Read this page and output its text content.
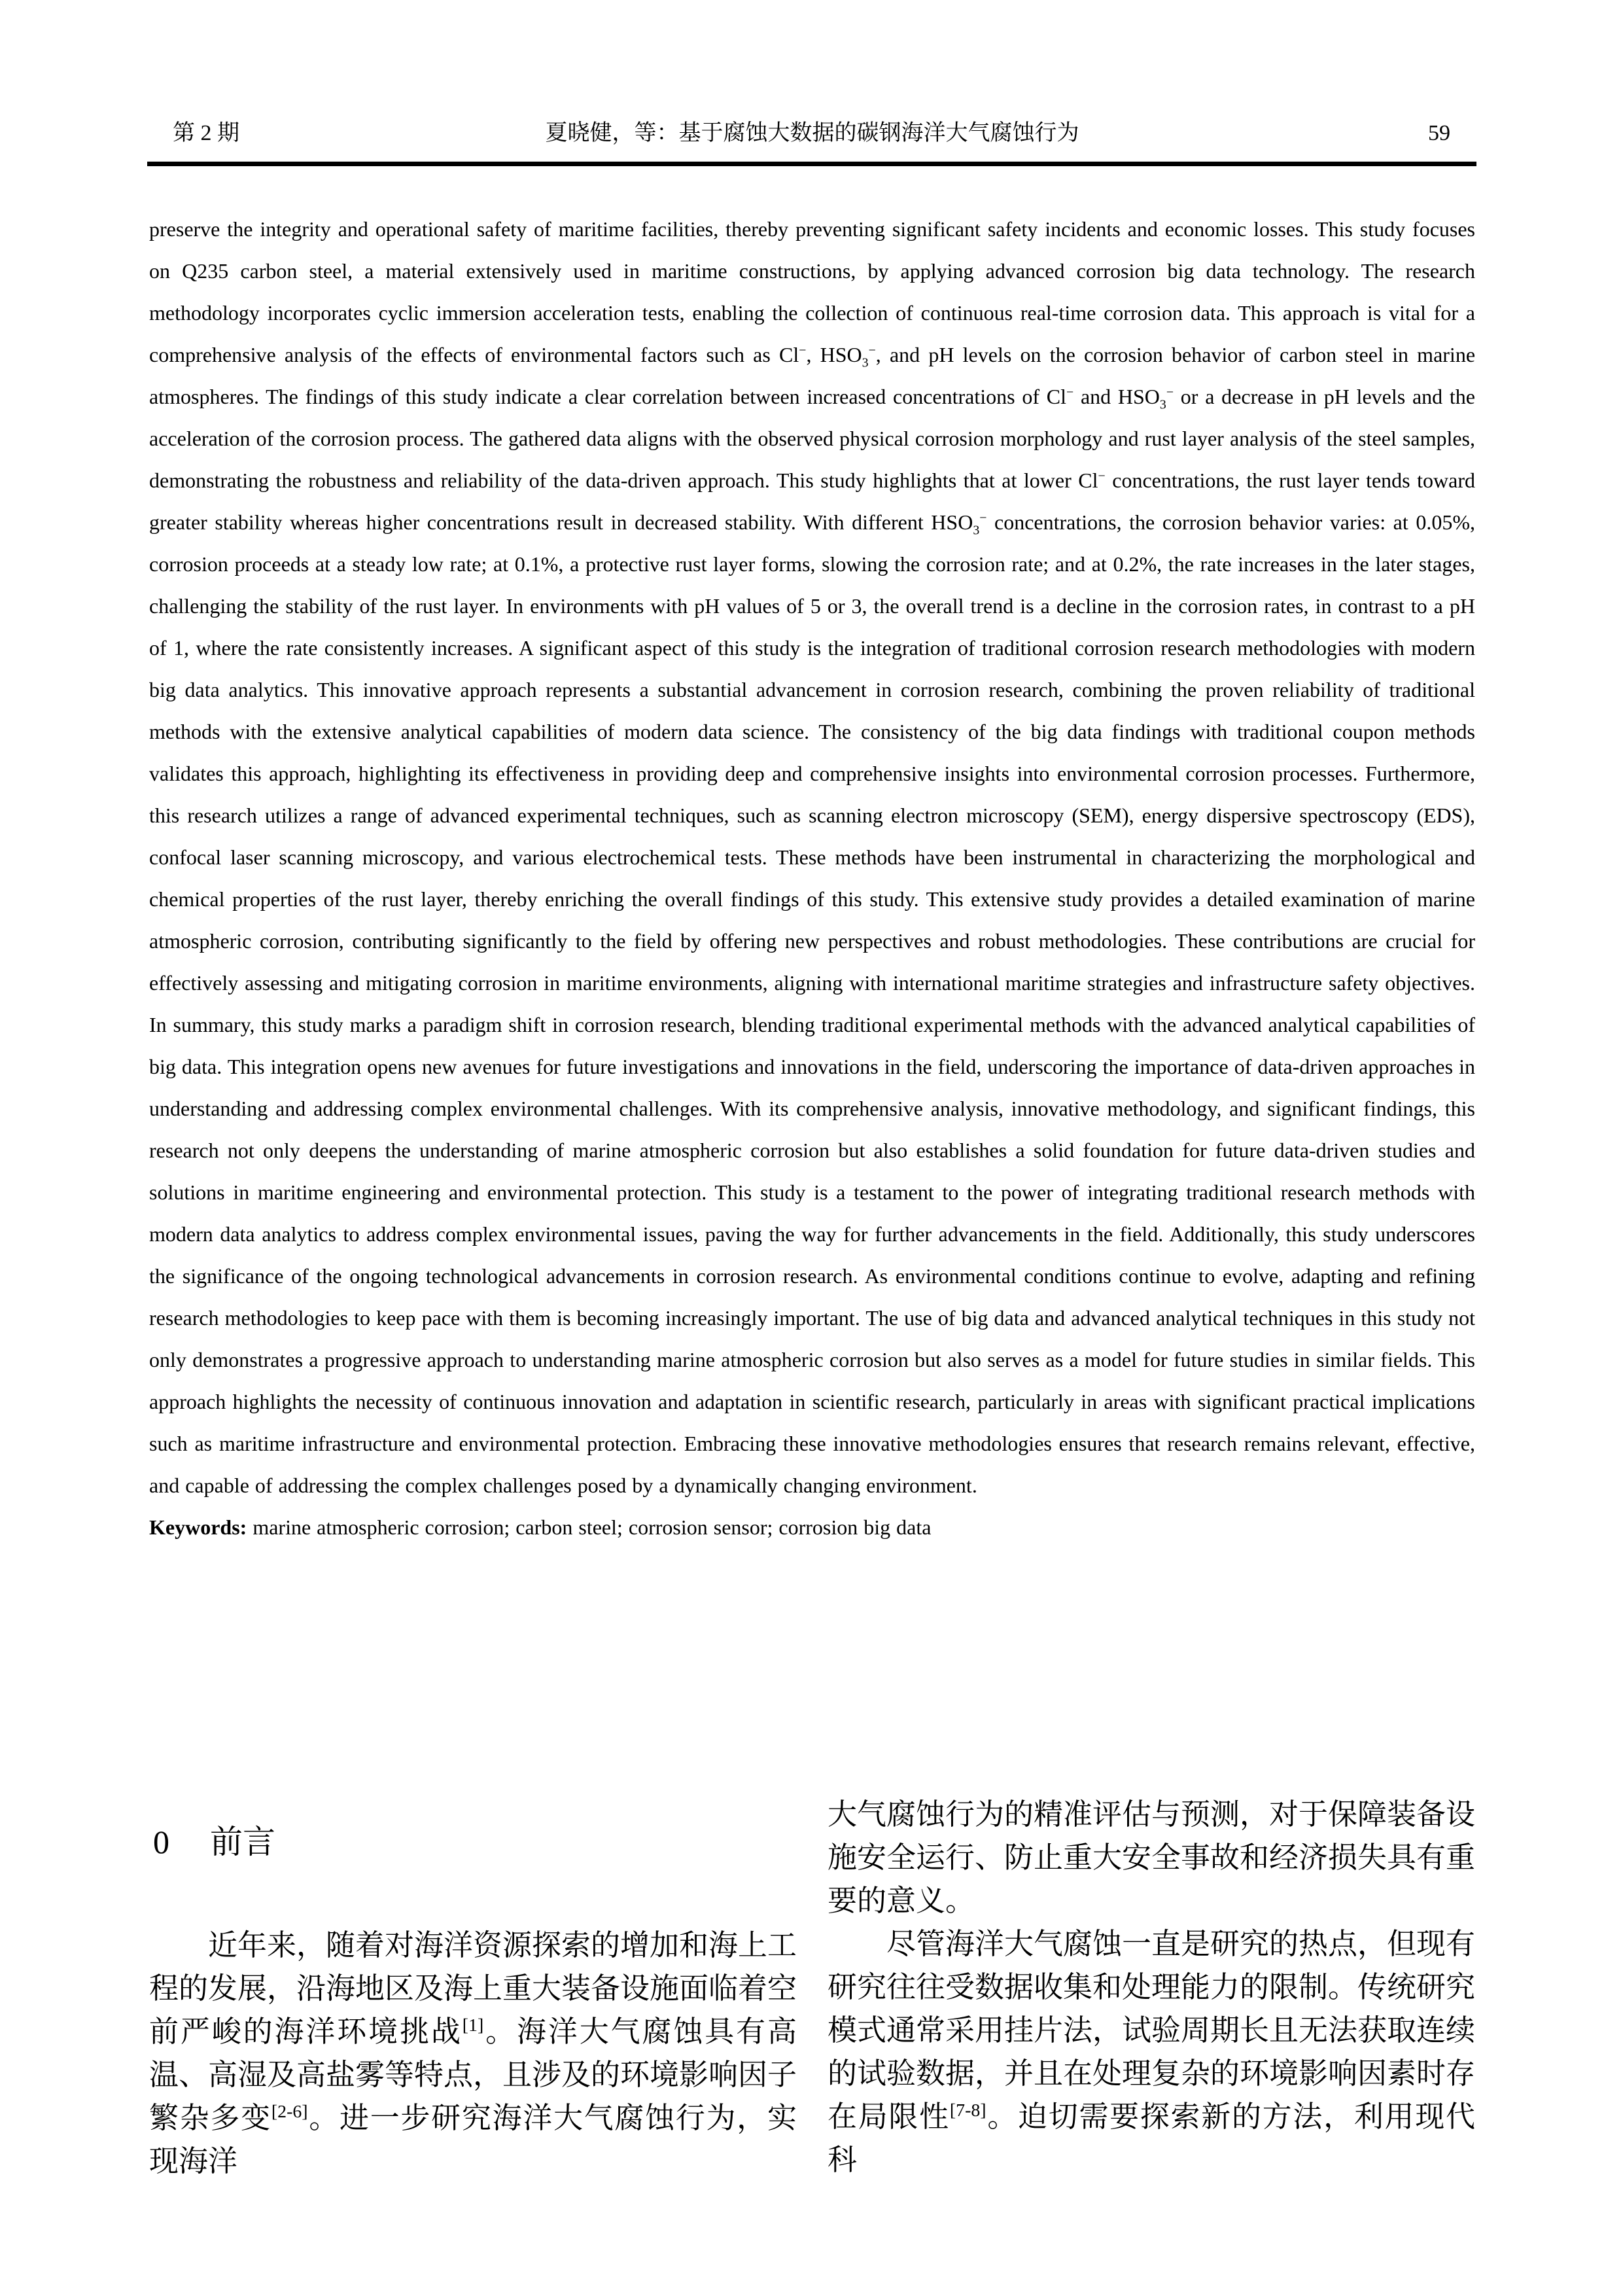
第 2 期	夏晓健，等：基于腐蚀大数据的碳钢海洋大气腐蚀行为	59

preserve the integrity and operational safety of maritime facilities, thereby preventing significant safety incidents and economic losses. This study focuses on Q235 carbon steel, a material extensively used in maritime constructions, by applying advanced corrosion big data technology. The research methodology incorporates cyclic immersion acceleration tests, enabling the collection of continuous real-time corrosion data. This approach is vital for a comprehensive analysis of the effects of environmental factors such as Cl−, $HSO_3^-$, and pH levels on the corrosion behavior of carbon steel in marine atmospheres. The findings of this study indicate a clear correlation between increased concentrations of Cl− and $HSO_3^-$ or a decrease in pH levels and the acceleration of the corrosion process. The gathered data aligns with the observed physical corrosion morphology and rust layer analysis of the steel samples, demonstrating the robustness and reliability of the data-driven approach. This study highlights that at lower Cl− concentrations, the rust layer tends toward greater stability whereas higher concentrations result in decreased stability. With different $HSO_3^-$ concentrations, the corrosion behavior varies: at 0.05%, corrosion proceeds at a steady low rate; at 0.1%, a protective rust layer forms, slowing the corrosion rate; and at 0.2%, the rate increases in the later stages, challenging the stability of the rust layer. In environments with pH values of 5 or 3, the overall trend is a decline in the corrosion rates, in contrast to a pH of 1, where the rate consistently increases. A significant aspect of this study is the integration of traditional corrosion research methodologies with modern big data analytics. This innovative approach represents a substantial advancement in corrosion research, combining the proven reliability of traditional methods with the extensive analytical capabilities of modern data science. The consistency of the big data findings with traditional coupon methods validates this approach, highlighting its effectiveness in providing deep and comprehensive insights into environmental corrosion processes. Furthermore, this research utilizes a range of advanced experimental techniques, such as scanning electron microscopy (SEM), energy dispersive spectroscopy (EDS), confocal laser scanning microscopy, and various electrochemical tests. These methods have been instrumental in characterizing the morphological and chemical properties of the rust layer, thereby enriching the overall findings of this study. This extensive study provides a detailed examination of marine atmospheric corrosion, contributing significantly to the field by offering new perspectives and robust methodologies. These contributions are crucial for effectively assessing and mitigating corrosion in maritime environments, aligning with international maritime strategies and infrastructure safety objectives. In summary, this study marks a paradigm shift in corrosion research, blending traditional experimental methods with the advanced analytical capabilities of big data. This integration opens new avenues for future investigations and innovations in the field, underscoring the importance of data-driven approaches in understanding and addressing complex environmental challenges. With its comprehensive analysis, innovative methodology, and significant findings, this research not only deepens the understanding of marine atmospheric corrosion but also establishes a solid foundation for future data-driven studies and solutions in maritime engineering and environmental protection. This study is a testament to the power of integrating traditional research methods with modern data analytics to address complex environmental issues, paving the way for further advancements in the field. Additionally, this study underscores the significance of the ongoing technological advancements in corrosion research. As environmental conditions continue to evolve, adapting and refining research methodologies to keep pace with them is becoming increasingly important. The use of big data and advanced analytical techniques in this study not only demonstrates a progressive approach to understanding marine atmospheric corrosion but also serves as a model for future studies in similar fields. This approach highlights the necessity of continuous innovation and adaptation in scientific research, particularly in areas with significant practical implications such as maritime infrastructure and environmental protection. Embracing these innovative methodologies ensures that research remains relevant, effective, and capable of addressing the complex challenges posed by a dynamically changing environment.

Keywords: marine atmospheric corrosion; carbon steel; corrosion sensor; corrosion big data

0 前言

近年来，随着对海洋资源探索的增加和海上工程的发展，沿海地区及海上重大装备设施面临着空前严峻的海洋环境挑战[1]。海洋大气腐蚀具有高温、高湿及高盐雾等特点，且涉及的环境影响因子繁杂多变[2-6]。进一步研究海洋大气腐蚀行为，实现海洋

大气腐蚀行为的精准评估与预测，对于保障装备设施安全运行、防止重大安全事故和经济损失具有重要的意义。

尽管海洋大气腐蚀一直是研究的热点，但现有研究往往受数据收集和处理能力的限制。传统研究模式通常采用挂片法，试验周期长且无法获取连续的试验数据，并且在处理复杂的环境影响因素时存在局限性[7-8]。迫切需要探索新的方法，利用现代科
